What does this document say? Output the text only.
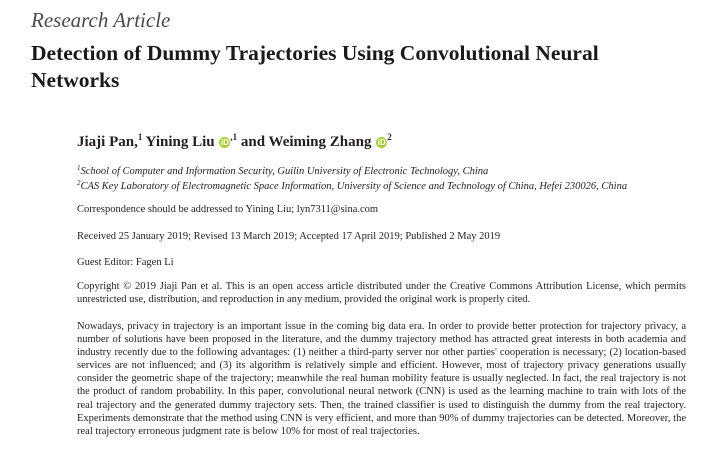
Research Article

Detection of Dummy Trajectories Using Convolutional Neural Networks

Jiaji Pan,$^1$ Yining Liu $iD^{,1}$ and Weiming Zhang $iD^2$

$^1$School of Computer and Information Security, Guilin University of Electronic Technology, China

$^2$CAS Key Laboratory of Electromagnetic Space Information, University of Science and Technology of China, Hefei 230026, China

Correspondence should be addressed to Yining Liu; lyn7311@sina.com

Received 25 January 2019; Revised 13 March 2019; Accepted 17 April 2019; Published 2 May 2019

Guest Editor: Fagen Li

Copyright © 2019 Jiaji Pan et al. This is an open access article distributed under the Creative Commons Attribution License, which permits unrestricted use, distribution, and reproduction in any medium, provided the original work is properly cited.

Nowadays, privacy in trajectory is an important issue in the coming big data era. In order to provide better protection for trajectory privacy, a number of solutions have been proposed in the literature, and the dummy trajectory method has attracted great interests in both academia and industry recently due to the following advantages: (1) neither a third-party server nor other parties' cooperation is necessary; (2) location-based services are not influenced; and (3) its algorithm is relatively simple and efficient. However, most of trajectory privacy generations usually consider the geometric shape of the trajectory; meanwhile the real human mobility feature is usually neglected. In fact, the real trajectory is not the product of random probability. In this paper, convolutional neural network (CNN) is used as the learning machine to train with lots of the real trajectory and the generated dummy trajectory sets. Then, the trained classifier is used to distinguish the dummy from the real trajectory. Experiments demonstrate that the method using CNN is very efficient, and more than 90% of dummy trajectories can be detected. Moreover, the real trajectory erroneous judgment rate is below 10% for most of real trajectories.
